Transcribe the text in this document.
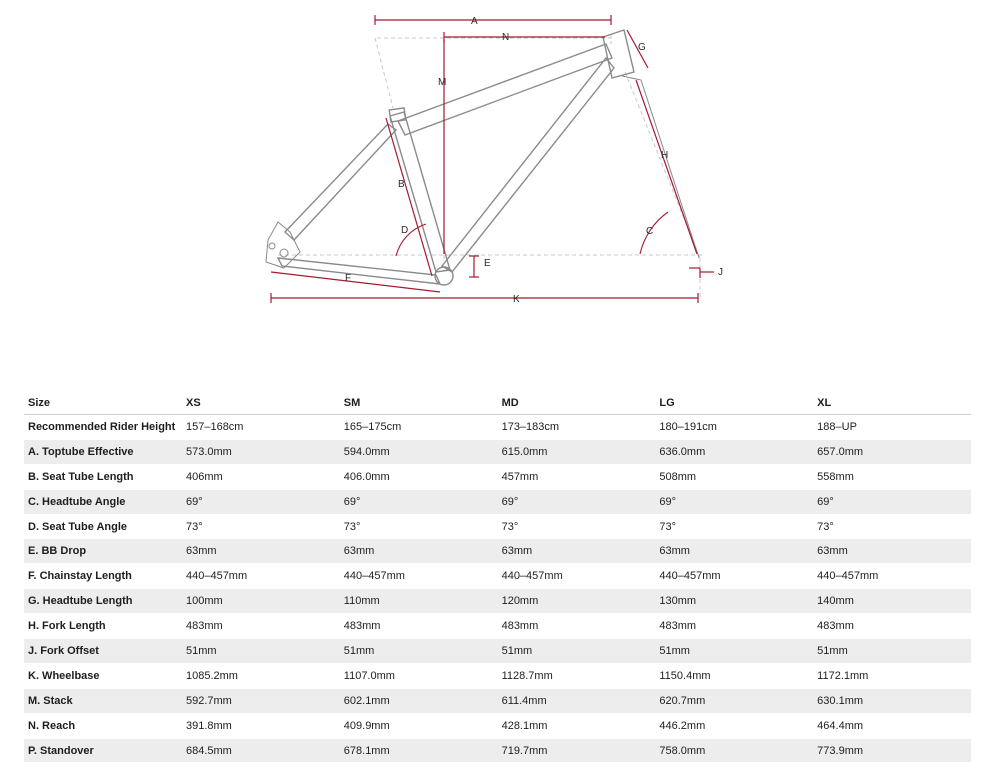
A
N
M
G
H
B
C
D
E
F
J
K
Size	XS	SM	MD	LG	XL
Recommended Rider Height	157–168cm	165–175cm	173–183cm	180–191cm	188–UP
A. Toptube Effective	573.0mm	594.0mm	615.0mm	636.0mm	657.0mm
B. Seat Tube Length	406mm	406.0mm	457mm	508mm	558mm
C. Headtube Angle	69°	69°	69°	69°	69°
D. Seat Tube Angle	73°	73°	73°	73°	73°
E. BB Drop	63mm	63mm	63mm	63mm	63mm
F. Chainstay Length	440–457mm	440–457mm	440–457mm	440–457mm	440–457mm
G. Headtube Length	100mm	110mm	120mm	130mm	140mm
H. Fork Length	483mm	483mm	483mm	483mm	483mm
J. Fork Offset	51mm	51mm	51mm	51mm	51mm
K. Wheelbase	1085.2mm	1107.0mm	1128.7mm	1150.4mm	1172.1mm
M. Stack	592.7mm	602.1mm	611.4mm	620.7mm	630.1mm
N. Reach	391.8mm	409.9mm	428.1mm	446.2mm	464.4mm
P. Standover	684.5mm	678.1mm	719.7mm	758.0mm	773.9mm
